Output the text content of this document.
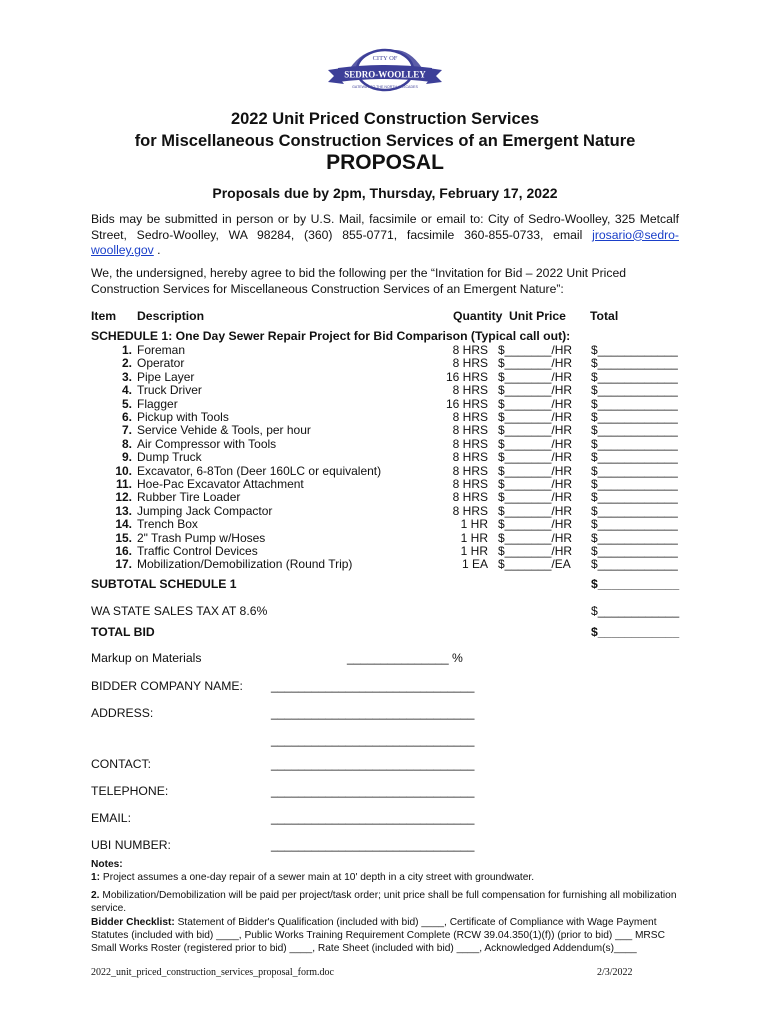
CITY OF
SEDRO-WOOLLEY
GATEWAY TO THE NORTH CASCADES
2022 Unit Priced Construction Services
for Miscellaneous Construction Services of an Emergent Nature
PROPOSAL
Proposals due by 2pm, Thursday, February 17, 2022
Bids may be submitted in person or by U.S. Mail, facsimile or email to: City of Sedro-Woolley, 325 Metcalf Street, Sedro-Woolley, WA 98284, (360) 855-0771, facsimile 360-855-0733, email jrosario@sedro-woolley.gov .
We, the undersigned, hereby agree to bid the following per the “Invitation for Bid – 2022 Unit Priced Construction Services for Miscellaneous Construction Services of an Emergent Nature”:
Item Description	Quantity Unit Price Total
SCHEDULE 1: One Day Sewer Repair Project for Bid Comparison (Typical call out):
1. Foreman	8 HRS $_______/HR $____________
2. Operator	8 HRS $_______/HR $____________
3. Pipe Layer	16 HRS $_______/HR $____________
4. Truck Driver	8 HRS $_______/HR $____________
5. Flagger	16 HRS $_______/HR $____________
6. Pickup with Tools	8 HRS $_______/HR $____________
7. Service Vehide & Tools, per hour	8 HRS $_______/HR $____________
8. Air Compressor with Tools	8 HRS $_______/HR $____________
9. Dump Truck	8 HRS $_______/HR $____________
10. Excavator, 6-8Ton (Deer 160LC or equivalent)	8 HRS $_______/HR $____________
11. Hoe-Pac Excavator Attachment	8 HRS $_______/HR $____________
12. Rubber Tire Loader	8 HRS $_______/HR $____________
13. Jumping Jack Compactor	8 HRS $_______/HR $____________
14. Trench Box	1 HR $_______/HR $____________
15. 2" Trash Pump w/Hoses	1 HR $_______/HR $____________
16. Traffic Control Devices	1 HR $_______/HR $____________
17. Mobilization/Demobilization (Round Trip)	1 EA $_______/EA $____________
SUBTOTAL SCHEDULE 1	$____________
WA STATE SALES TAX AT 8.6%	$____________
TOTAL BID	$____________
Markup on Materials	_______________ %
BIDDER COMPANY NAME: ______________________________
ADDRESS:	______________________________
______________________________
CONTACT:	______________________________
TELEPHONE:	______________________________
EMAIL:	______________________________
UBI NUMBER:	______________________________
Notes:
1: Project assumes a one-day repair of a sewer main at 10' depth in a city street with groundwater.
2. Mobilization/Demobilization will be paid per project/task order; unit price shall be full compensation for furnishing all mobilization service.
Bidder Checklist: Statement of Bidder's Qualification (included with bid) ____, Certificate of Compliance with Wage Payment Statutes (included with bid) ____, Public Works Training Requirement Complete (RCW 39.04.350(1)(f)) (prior to bid) ___ MRSC Small Works Roster (registered prior to bid) ____, Rate Sheet (included with bid) ____, Acknowledged Addendum(s)____
2022_unit_priced_construction_services_proposal_form.doc	2/3/2022
